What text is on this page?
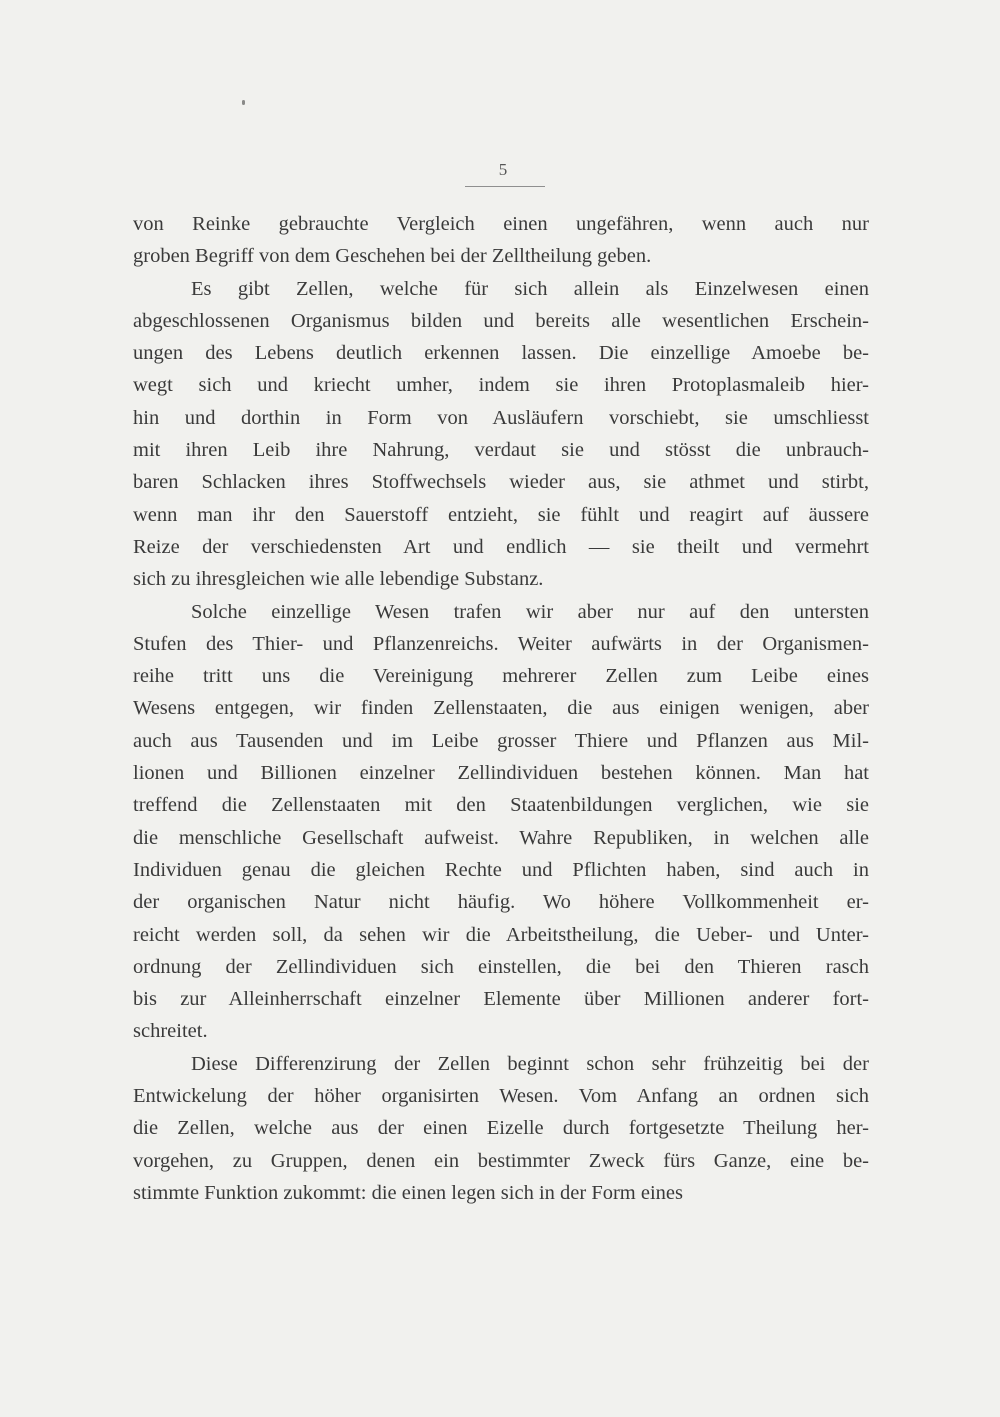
5
von Reinke gebrauchte Vergleich einen ungefähren, wenn auch nur
groben Begriff von dem Geschehen bei der Zelltheilung geben.
Es gibt Zellen, welche für sich allein als Einzelwesen einen
abgeschlossenen Organismus bilden und bereits alle wesentlichen Erschein-
ungen des Lebens deutlich erkennen lassen. Die einzellige Amoebe be-
wegt sich und kriecht umher, indem sie ihren Protoplasmaleib hier-
hin und dorthin in Form von Ausläufern vorschiebt, sie umschliesst
mit ihren Leib ihre Nahrung, verdaut sie und stösst die unbrauch-
baren Schlacken ihres Stoffwechsels wieder aus, sie athmet und stirbt,
wenn man ihr den Sauerstoff entzieht, sie fühlt und reagirt auf äussere
Reize der verschiedensten Art und endlich — sie theilt und vermehrt
sich zu ihresgleichen wie alle lebendige Substanz.
Solche einzellige Wesen trafen wir aber nur auf den untersten
Stufen des Thier- und Pflanzenreichs. Weiter aufwärts in der Organismen-
reihe tritt uns die Vereinigung mehrerer Zellen zum Leibe eines
Wesens entgegen, wir finden Zellenstaaten, die aus einigen wenigen, aber
auch aus Tausenden und im Leibe grosser Thiere und Pflanzen aus Mil-
lionen und Billionen einzelner Zellindividuen bestehen können. Man hat
treffend die Zellenstaaten mit den Staatenbildungen verglichen, wie sie
die menschliche Gesellschaft aufweist. Wahre Republiken, in welchen alle
Individuen genau die gleichen Rechte und Pflichten haben, sind auch in
der organischen Natur nicht häufig. Wo höhere Vollkommenheit er-
reicht werden soll, da sehen wir die Arbeitstheilung, die Ueber- und Unter-
ordnung der Zellindividuen sich einstellen, die bei den Thieren rasch
bis zur Alleinherrschaft einzelner Elemente über Millionen anderer fort-
schreitet.
Diese Differenzirung der Zellen beginnt schon sehr frühzeitig bei der
Entwickelung der höher organisirten Wesen. Vom Anfang an ordnen sich
die Zellen, welche aus der einen Eizelle durch fortgesetzte Theilung her-
vorgehen, zu Gruppen, denen ein bestimmter Zweck fürs Ganze, eine be-
stimmte Funktion zukommt: die einen legen sich in der Form eines
